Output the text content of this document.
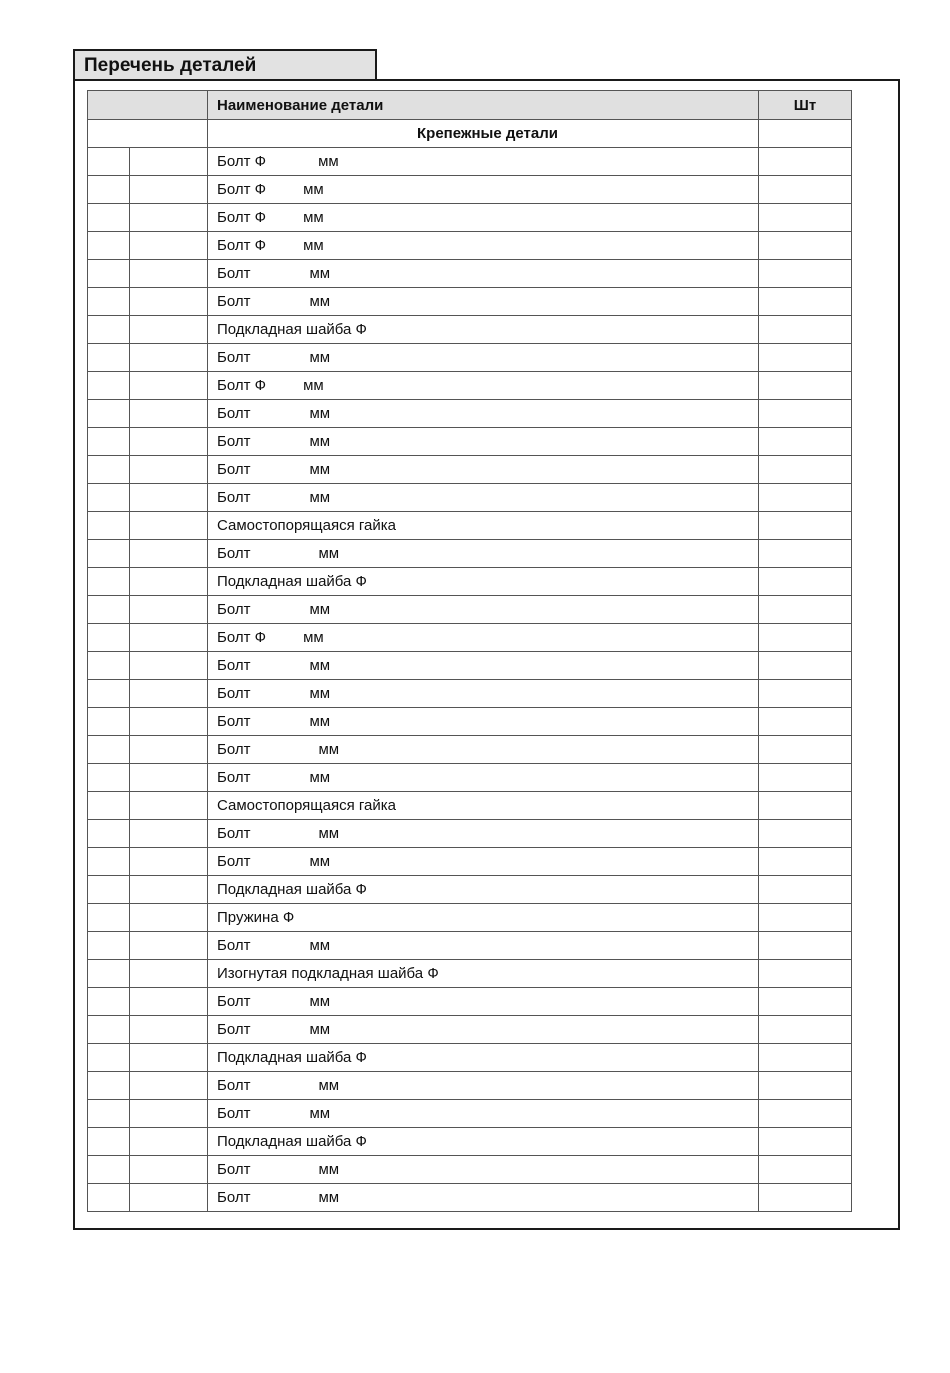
Перечень деталей
		Наименование детали	Шт
		Крепежные детали	
		Болт Ф мм	
		Болт Ф мм	
		Болт Ф мм	
		Болт Ф мм	
		Болт мм	
		Болт мм	
		Подкладная шайба Ф	
		Болт мм	
		Болт Ф мм	
		Болт мм	
		Болт мм	
		Болт мм	
		Болт мм	
		Самостопорящаяся гайка	
		Болт мм	
		Подкладная шайба Ф	
		Болт мм	
		Болт Ф мм	
		Болт мм	
		Болт мм	
		Болт мм	
		Болт мм	
		Болт мм	
		Самостопорящаяся гайка	
		Болт мм	
		Болт мм	
		Подкладная шайба Ф	
		Пружина Ф	
		Болт мм	
		Изогнутая подкладная шайба Ф	
		Болт мм	
		Болт мм	
		Подкладная шайба Ф	
		Болт мм	
		Болт мм	
		Подкладная шайба Ф	
		Болт мм	
		Болт мм	
